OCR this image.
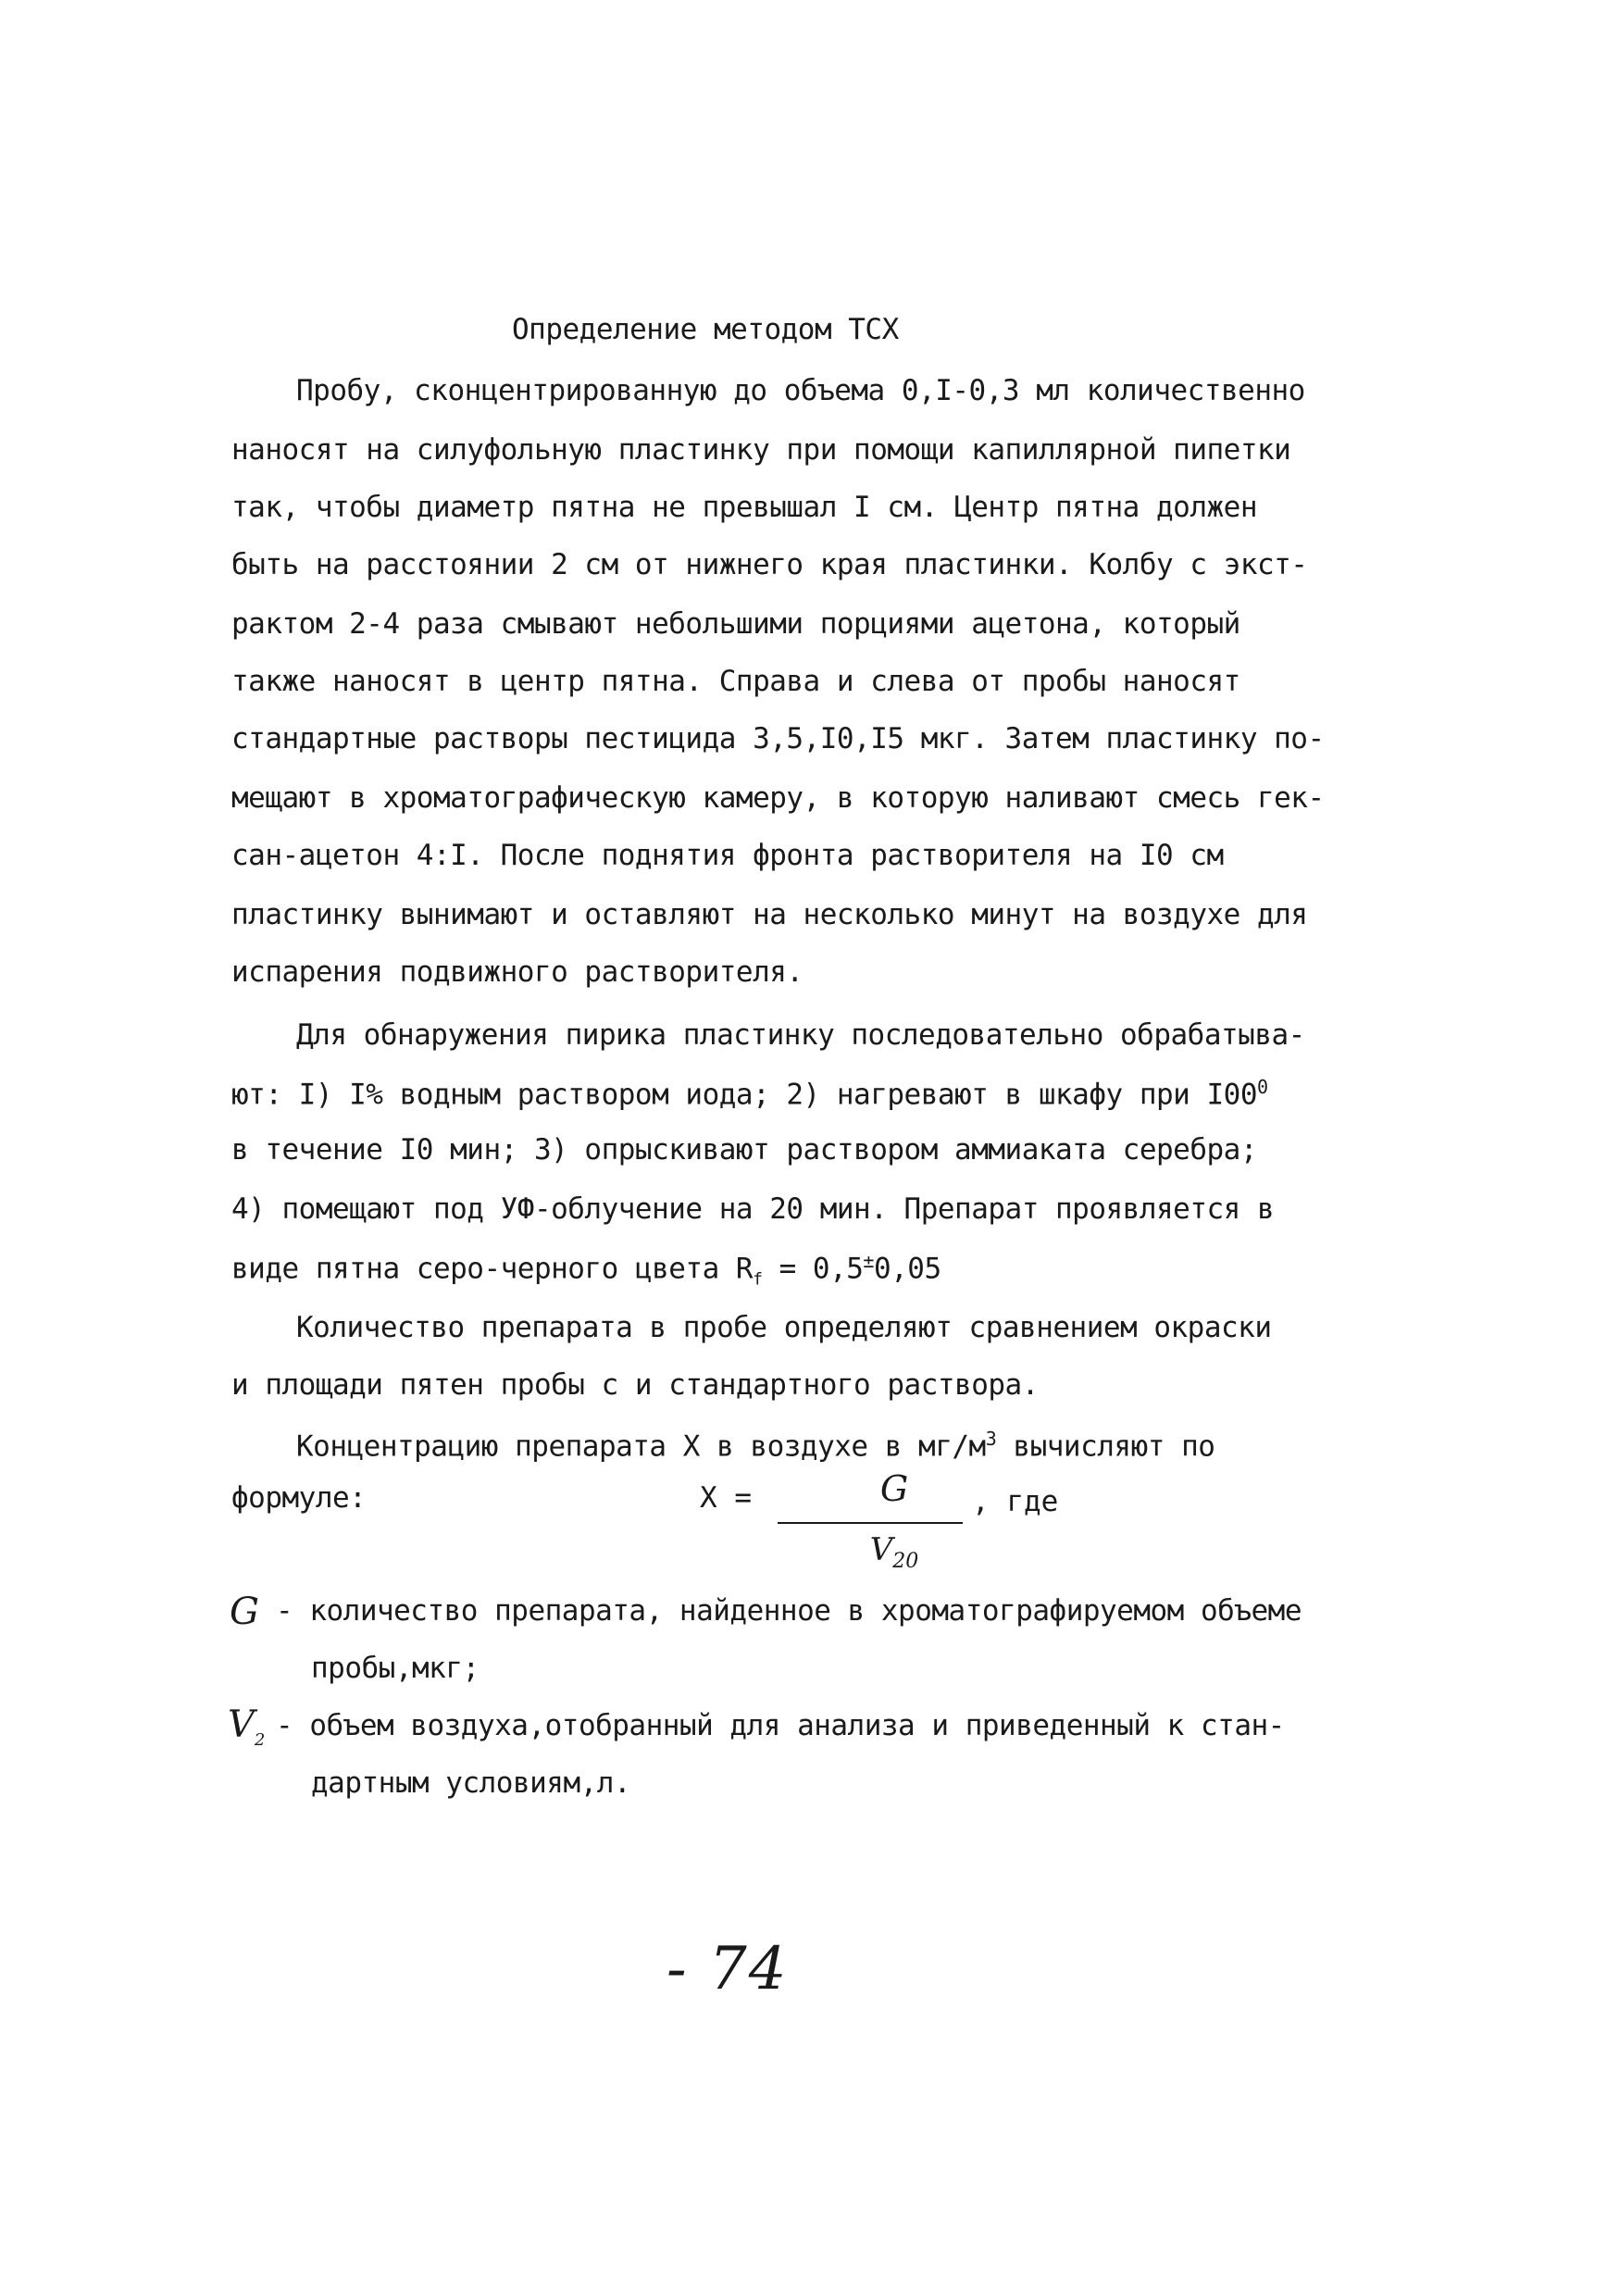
Определение методом ТСХ
Пробу, сконцентрированную до объема 0,I-0,3 мл количественно
наносят на силуфольную пластинку при помощи капиллярной пипетки
так, чтобы диаметр пятна не превышал I см. Центр пятна должен
быть на расстоянии 2 см от нижнего края пластинки. Колбу с экст-
рактом 2-4 раза смывают небольшими порциями ацетона, который
также наносят в центр пятна. Справа и слева от пробы наносят
стандартные растворы пестицида 3,5,I0,I5 мкг. Затем пластинку по-
мещают в хроматографическую камеру, в которую наливают смесь гек-
сан-ацетон 4:I. После поднятия фронта растворителя на I0 см
пластинку вынимают и оставляют на несколько минут на воздухе для
испарения подвижного растворителя.
Для обнаружения пирика пластинку последовательно обрабатыва-
ют: I) I% водным раствором иода; 2) нагревают в шкафу при $I00^0$
в течение I0 мин; 3) опрыскивают раствором аммиаката серебра;
4) помещают под УФ-облучение на 20 мин. Препарат проявляется в
виде пятна серо-черного цвета $R_f = 0,5^\pm 0,05$
Количество препарата в пробе определяют сравнением окраски
и площади пятен пробы с и стандартного раствора.
Концентрацию препарата X в воздухе в $мг/м^3$ вычисляют по
формуле:	X =	G
$V_{20}$
, где
G - количество препарата, найденное в хроматографируемом объеме
пробы,мкг;
$V_2$ - объем воздуха,отобранный для анализа и приведенный к стан-
дартным условиям,л.
- 74
